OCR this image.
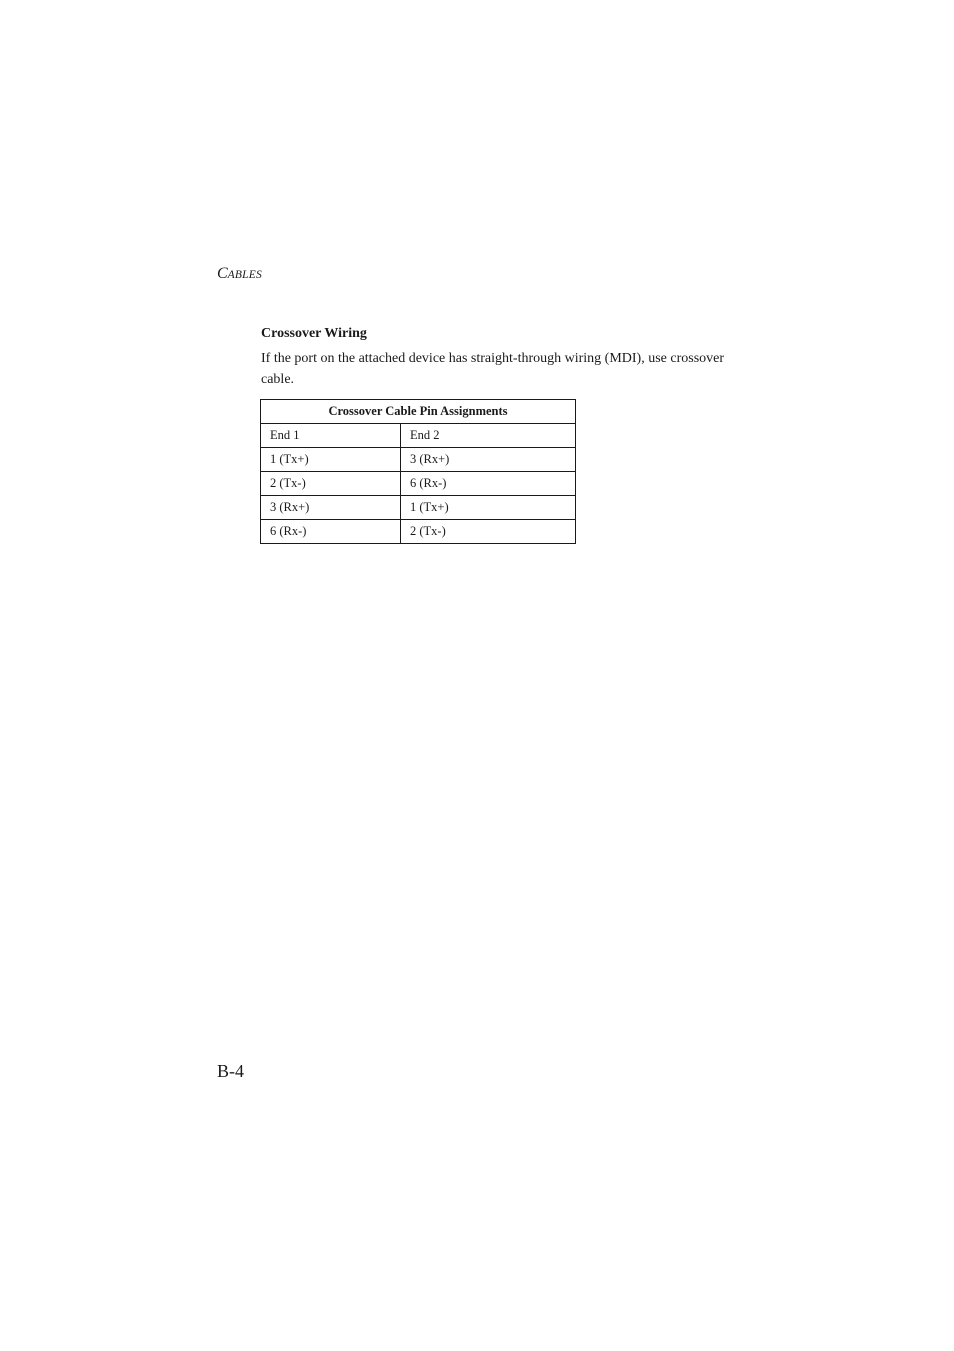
CABLES
Crossover Wiring

If the port on the attached device has straight-through wiring (MDI), use crossover cable.

Crossover Cable Pin Assignments	
End 1	End 2
1 (Tx+)	3 (Rx+)
2 (Tx-)	6 (Rx-)
3 (Rx+)	1 (Tx+)
6 (Rx-)	2 (Tx-)
B-4
